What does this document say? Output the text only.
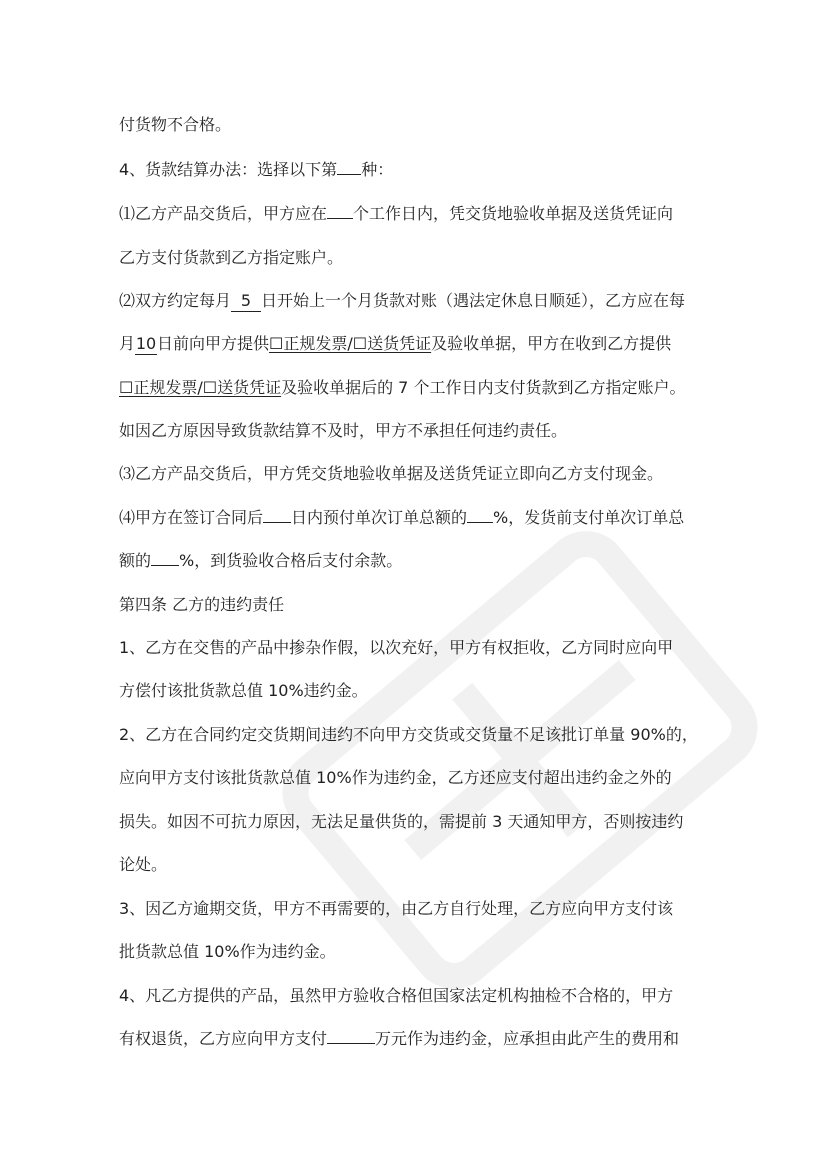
付货物不合格。
4、货款结算办法：选择以下第 种：
⑴乙方产品交货后，甲方应在 个工作日内，凭交货地验收单据及送货凭证向
乙方支付货款到乙方指定账户。
⑵双方约定每月 5 日开始上一个月货款对账（遇法定休息日顺延），乙方应在每
月10日前向甲方提供☐正规发票/☐送货凭证及验收单据，甲方在收到乙方提供
☐正规发票/☐送货凭证及验收单据后的 7 个工作日内支付货款到乙方指定账户。
如因乙方原因导致货款结算不及时，甲方不承担任何违约责任。
⑶乙方产品交货后，甲方凭交货地验收单据及送货凭证立即向乙方支付现金。
⑷甲方在签订合同后 日内预付单次订单总额的 %，发货前支付单次订单总
额的 %，到货验收合格后支付余款。
第四条 乙方的违约责任
1、乙方在交售的产品中掺杂作假，以次充好，甲方有权拒收，乙方同时应向甲
方偿付该批货款总值 10%违约金。
2、乙方在合同约定交货期间违约不向甲方交货或交货量不足该批订单量 90%的，
应向甲方支付该批货款总值 10%作为违约金，乙方还应支付超出违约金之外的
损失。如因不可抗力原因，无法足量供货的，需提前 3 天通知甲方，否则按违约
论处。
3、因乙方逾期交货，甲方不再需要的，由乙方自行处理，乙方应向甲方支付该
批货款总值 10%作为违约金。
4、凡乙方提供的产品，虽然甲方验收合格但国家法定机构抽检不合格的，甲方
有权退货，乙方应向甲方支付	万元作为违约金，应承担由此产生的费用和
